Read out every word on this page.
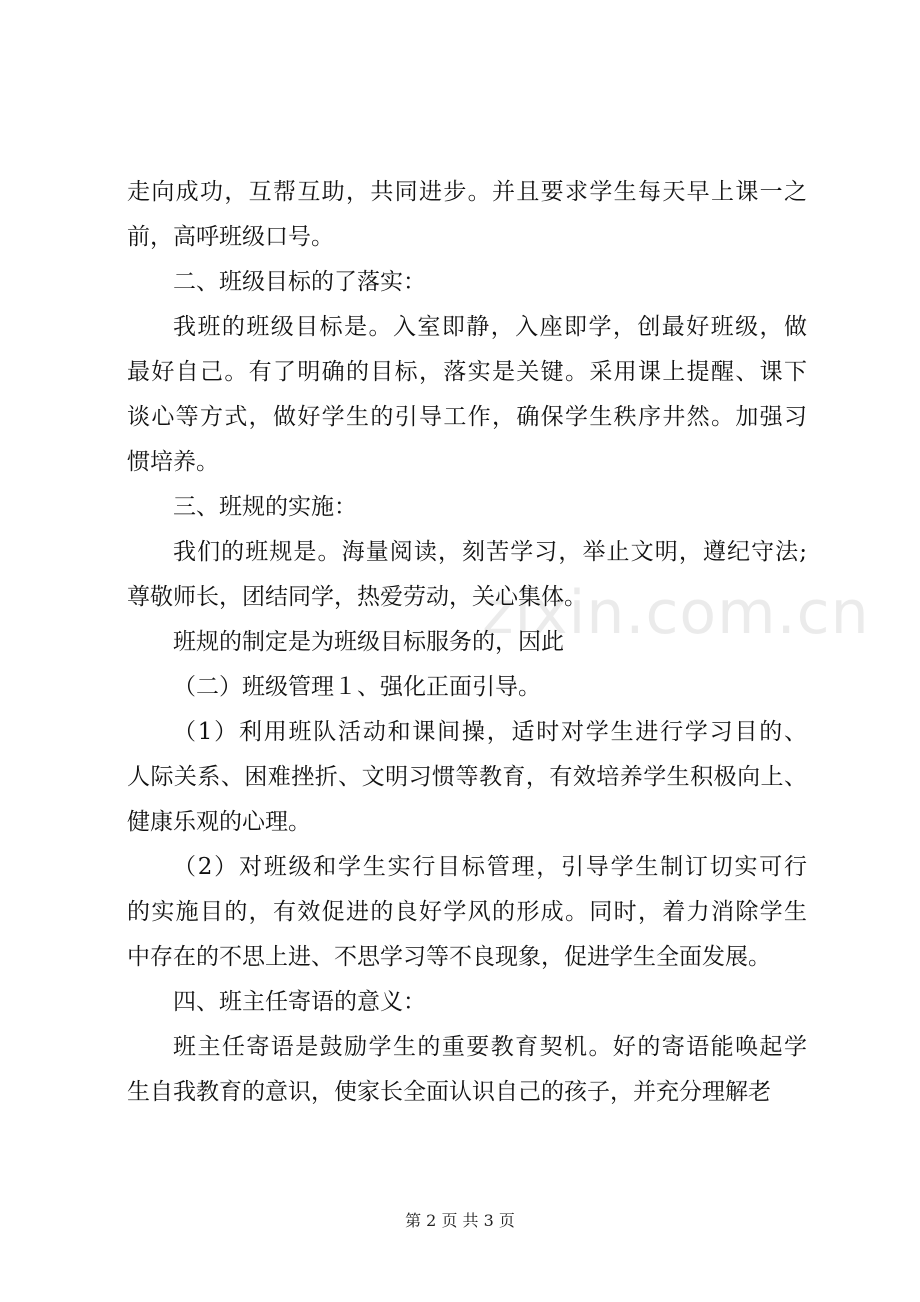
走向成功，互帮互助，共同进步。并且要求学生每天早上课一之
前，高呼班级口号。
二、班级目标的了落实：
我班的班级目标是。入室即静，入座即学，创最好班级，做
最好自己。有了明确的目标，落实是关键。采用课上提醒、课下
谈心等方式，做好学生的引导工作，确保学生秩序井然。加强习
惯培养。
三、班规的实施：
我们的班规是。海量阅读，刻苦学习，举止文明，遵纪守法;
尊敬师长，团结同学，热爱劳动，关心集体。
班规的制定是为班级目标服务的，因此
（二）班级管理１、强化正面引导。
（1）利用班队活动和课间操，适时对学生进行学习目的、
人际关系、困难挫折、文明习惯等教育，有效培养学生积极向上、
健康乐观的心理。
（2）对班级和学生实行目标管理，引导学生制订切实可行
的实施目的，有效促进的良好学风的形成。同时，着力消除学生
中存在的不思上进、不思学习等不良现象，促进学生全面发展。
四、班主任寄语的意义：
班主任寄语是鼓励学生的重要教育契机。好的寄语能唤起学
生自我教育的意识，使家长全面认识自己的孩子，并充分理解老
zixin.com.cn
第 2 页 共 3 页
